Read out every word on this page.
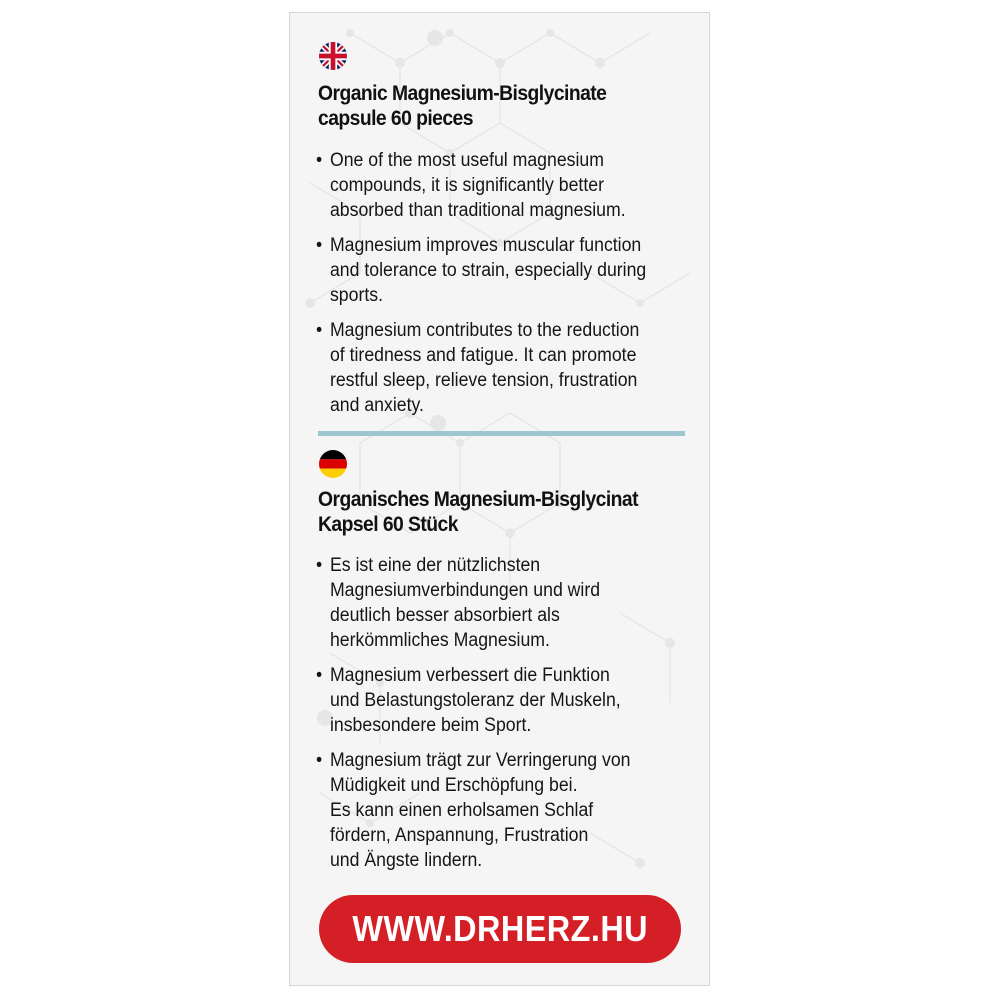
Organic Magnesium-Bisglycinate
capsule 60 pieces
• One of the most useful magnesium
compounds, it is significantly better
absorbed than traditional magnesium.
• Magnesium improves muscular function
and tolerance to strain, especially during
sports.
• Magnesium contributes to the reduction
of tiredness and fatigue. It can promote
restful sleep, relieve tension, frustration
and anxiety.
Organisches Magnesium-Bisglycinat
Kapsel 60 Stück
• Es ist eine der nützlichsten
Magnesiumverbindungen und wird
deutlich besser absorbiert als
herkömmliches Magnesium.
• Magnesium verbessert die Funktion
und Belastungstoleranz der Muskeln,
insbesondere beim Sport.
• Magnesium trägt zur Verringerung von
Müdigkeit und Erschöpfung bei.
Es kann einen erholsamen Schlaf
fördern, Anspannung, Frustration
und Ängste lindern.
WWW.DRHERZ.HU
